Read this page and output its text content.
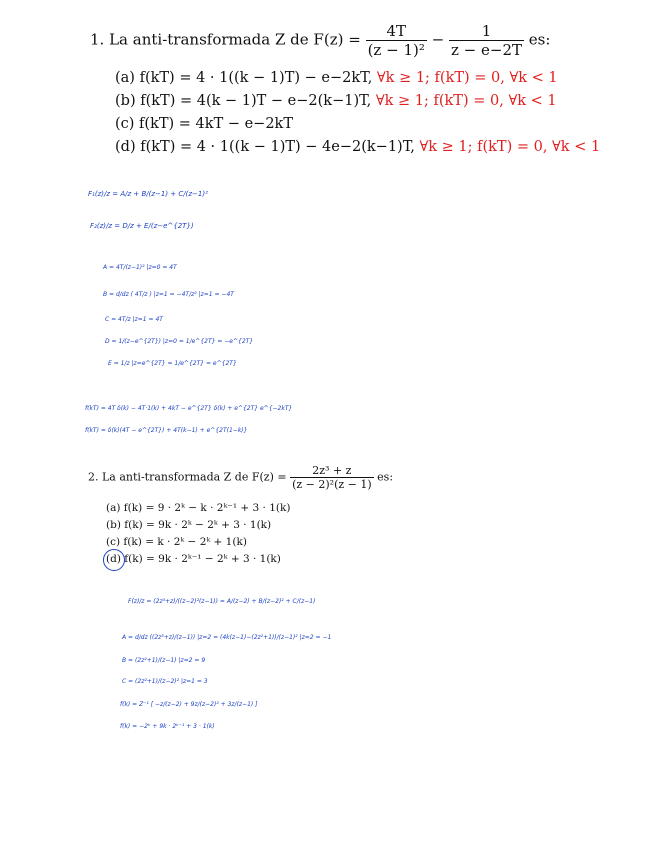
1. La anti-transformada Z de $F(z) = \frac{4T}{\text{(z − 1)²}} - \frac{1}{z - e-2T}$ es:
(a) f(kT) = 4 · 1((k − 1)T) − e−2kT, ∀k ≥ 1; f(kT) = 0, ∀k < 1
(b) f(kT) = 4(k − 1)T − e−2(k−1)T, ∀k ≥ 1; f(kT) = 0, ∀k < 1
(c) f(kT) = 4kT − e−2kT
(d) f(kT) = 4 · 1((k − 1)T) − 4e−2(k−1)T, ∀k ≥ 1; f(kT) = 0, ∀k < 1
F₁(z)/z = A/z + B/(z−1) + C/(z−1)²
F₂(z)/z = D/z + E/(z−e^{2T})
A = 4T/(z−1)² |z=0 = 4T
B = d/dz ( 4T/z ) |z=1 = −4T/z² |z=1 = −4T
C = 4T/z |z=1 = 4T
D = 1/(z−e^{2T}) |z=0 = 1/e^{2T} = −e^{2T}
E = 1/z |z=e^{2T} = 1/e^{2T} = e^{2T}
f(kT) = 4T δ(k) − 4T·1(k) + 4kT − e^{2T} δ(k) + e^{2T} e^{−2kT}
f(kT) = δ(k)(4T − e^{2T}) + 4T(k−1) + e^{2T(1−k)}
2. La anti-transformada Z de $F(z) = \frac{\text{2z³ + z}}{\text{(z − 2)²(z − 1)}}$ es:
(a) f(k) = 9 · 2ᵏ − k · 2ᵏ⁻¹ + 3 · 1(k)
(b) f(k) = 9k · 2ᵏ − 2ᵏ + 3 · 1(k)
(c) f(k) = k · 2ᵏ − 2ᵏ + 1(k)
(d) f(k) = 9k · 2ᵏ⁻¹ − 2ᵏ + 3 · 1(k)
F(z)/z = (2z³+z)/((z−2)²(z−1)) = A/(z−2) + B/(z−2)² + C/(z−1)
A = d/dz ((2z³+z)/(z−1)) |z=2 = (4k(z−1)−(2z²+1))/(z−1)² |z=2 = −1
B = (2z²+1)/(z−1) |z=2 = 9
C = (2z²+1)/(z−2)² |z=1 = 3
f(k) = Z⁻¹ [ −z/(z−2) + 9z/(z−2)² + 3z/(z−1) ]
f(k) = −2ᵏ + 9k · 2ᵏ⁻¹ + 3 · 1(k)
